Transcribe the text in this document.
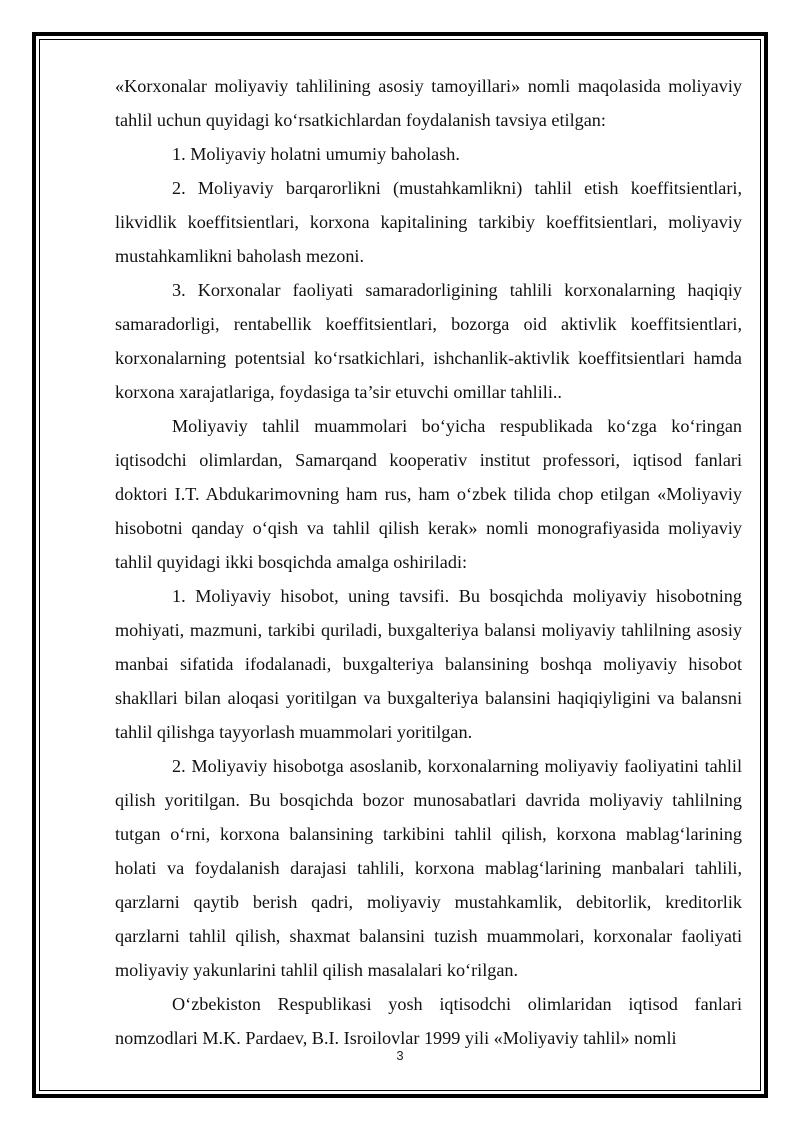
«Korxonalar moliyaviy tahlilining asosiy tamoyillari» nomli maqolasida moliyaviy tahlil uchun quyidagi koʻrsatkichlardan foydalanish tavsiya etilgan:

1. Moliyaviy holatni umumiy baholash.

2. Moliyaviy barqarorlikni (mustahkamlikni) tahlil etish koeffitsientlari, likvidlik koeffitsientlari, korxona kapitalining tarkibiy koeffitsientlari, moliyaviy mustahkamlikni baholash mezoni.

3. Korxonalar faoliyati samaradorligining tahlili korxonalarning haqiqiy samaradorligi, rentabellik koeffitsientlari, bozorga oid aktivlik koeffitsientlari, korxonalarning potentsial koʻrsatkichlari, ishchanlik-aktivlik koeffitsientlari hamda korxona xarajatlariga, foydasiga ta’sir etuvchi omillar tahlili..

Moliyaviy tahlil muammolari boʻyicha respublikada koʻzga koʻringan iqtisodchi olimlardan, Samarqand kooperativ institut professori, iqtisod fanlari doktori I.T. Abdukarimovning ham rus, ham oʻzbek tilida chop etilgan «Moliyaviy hisobotni qanday oʻqish va tahlil qilish kerak» nomli monografiyasida moliyaviy tahlil quyidagi ikki bosqichda amalga oshiriladi:

1. Moliyaviy hisobot, uning tavsifi. Bu bosqichda moliyaviy hisobotning mohiyati, mazmuni, tarkibi quriladi, buxgalteriya balansi moliyaviy tahlilning asosiy manbai sifatida ifodalanadi, buxgalteriya balansining boshqa moliyaviy hisobot shakllari bilan aloqasi yoritilgan va buxgalteriya balansini haqiqiyligini va balansni tahlil qilishga tayyorlash muammolari yoritilgan.

2. Moliyaviy hisobotga asoslanib, korxonalarning moliyaviy faoliyatini tahlil qilish yoritilgan. Bu bosqichda bozor munosabatlari davrida moliyaviy tahlilning tutgan oʻrni, korxona balansining tarkibini tahlil qilish, korxona mablagʻlarining holati va foydalanish darajasi tahlili, korxona mablagʻlarining manbalari tahlili, qarzlarni qaytib berish qadri, moliyaviy mustahkamlik, debitorlik, kreditorlik qarzlarni tahlil qilish, shaxmat balansini tuzish muammolari, korxonalar faoliyati moliyaviy yakunlarini tahlil qilish masalalari koʻrilgan.

Oʻzbekiston Respublikasi yosh iqtisodchi olimlaridan iqtisod fanlari nomzodlari M.K. Pardaev, B.I. Isroilovlar 1999 yili «Moliyaviy tahlil» nomli

3
